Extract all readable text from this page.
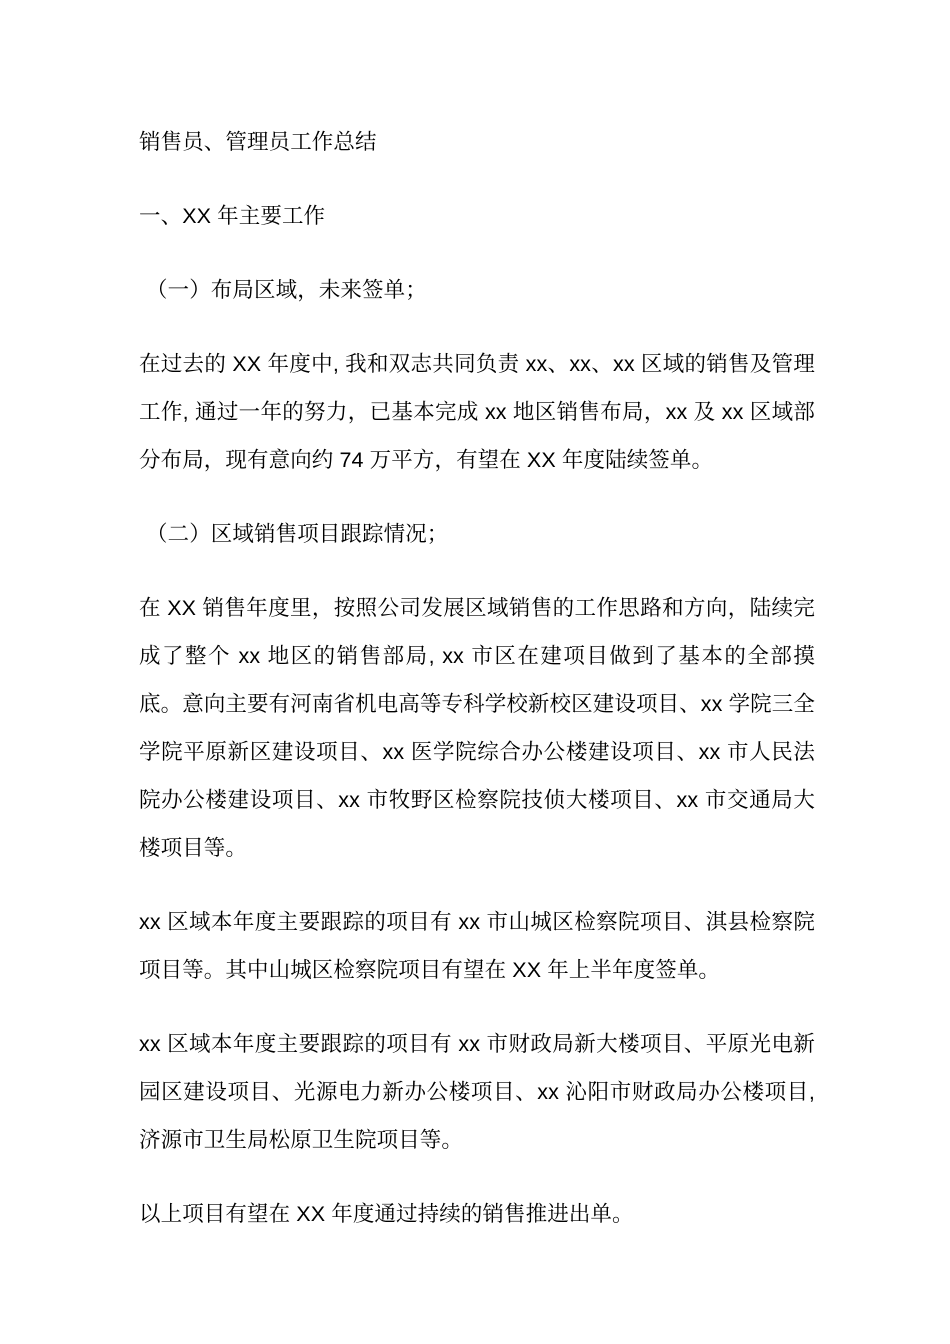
销售员、管理员工作总结

一、XX 年主要工作

（一）布局区域，未来签单；

在过去的 XX 年度中, 我和双志共同负责 xx、xx、xx 区域的销售及管理工作, 通过一年的努力，已基本完成 xx 地区销售布局，xx 及 xx 区域部分布局，现有意向约 74 万平方，有望在 XX 年度陆续签单。

（二）区域销售项目跟踪情况；

在 XX 销售年度里，按照公司发展区域销售的工作思路和方向，陆续完成了整个 xx 地区的销售部局, xx 市区在建项目做到了基本的全部摸底。意向主要有河南省机电高等专科学校新校区建设项目、xx 学院三全学院平原新区建设项目、xx 医学院综合办公楼建设项目、xx 市人民法院办公楼建设项目、xx 市牧野区检察院技侦大楼项目、xx 市交通局大楼项目等。

xx 区域本年度主要跟踪的项目有 xx 市山城区检察院项目、淇县检察院项目等。其中山城区检察院项目有望在 XX 年上半年度签单。

xx 区域本年度主要跟踪的项目有 xx 市财政局新大楼项目、平原光电新园区建设项目、光源电力新办公楼项目、xx 沁阳市财政局办公楼项目, 济源市卫生局松原卫生院项目等。

以上项目有望在 XX 年度通过持续的销售推进出单。
